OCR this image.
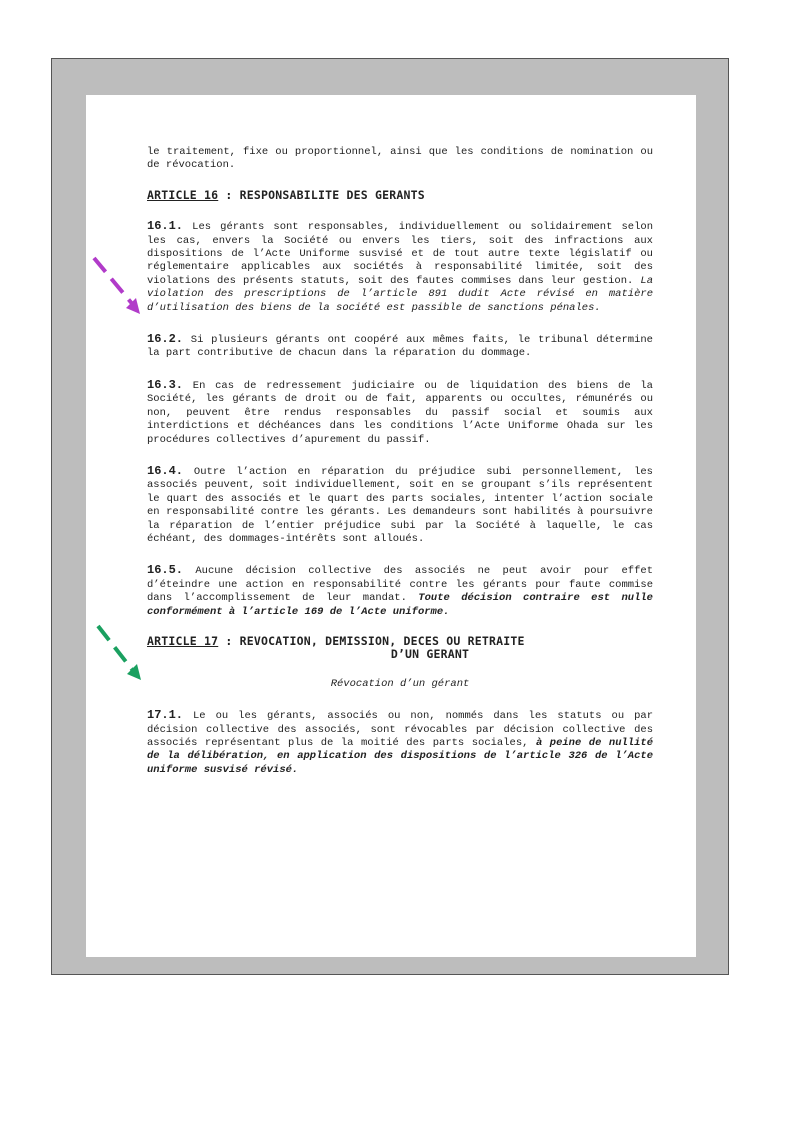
le traitement, fixe ou proportionnel, ainsi que les conditions de nomination ou de révocation.

ARTICLE 16 : RESPONSABILITE DES GERANTS

16.1. Les gérants sont responsables, individuellement ou solidairement selon les cas, envers la Société ou envers les tiers, soit des infractions aux dispositions de l’Acte Uniforme susvisé et de tout autre texte législatif ou réglementaire applicables aux sociétés à responsabilité limitée, soit des violations des présents statuts, soit des fautes commises dans leur gestion. La violation des prescriptions de l’article 891 dudit Acte révisé en matière d’utilisation des biens de la société est passible de sanctions pénales.

16.2. Si plusieurs gérants ont coopéré aux mêmes faits, le tribunal détermine la part contributive de chacun dans la réparation du dommage.

16.3. En cas de redressement judiciaire ou de liquidation des biens de la Société, les gérants de droit ou de fait, apparents ou occultes, rémunérés ou non, peuvent être rendus responsables du passif social et soumis aux interdictions et déchéances dans les conditions l’Acte Uniforme Ohada sur les procédures collectives d’apurement du passif.

16.4. Outre l’action en réparation du préjudice subi personnellement, les associés peuvent, soit individuellement, soit en se groupant s’ils représentent le quart des associés et le quart des parts sociales, intenter l’action sociale en responsabilité contre les gérants. Les demandeurs sont habilités à poursuivre la réparation de l’entier préjudice subi par la Société à laquelle, le cas échéant, des dommages-intérêts sont alloués.

16.5. Aucune décision collective des associés ne peut avoir pour effet d’éteindre une action en responsabilité contre les gérants pour faute commise dans l’accomplissement de leur mandat. Toute décision contraire est nulle conformément à l’article 169 de l’Acte uniforme.

ARTICLE 17 : REVOCATION, DEMISSION, DECES OU RETRAITE
D’UN GERANT

Révocation d’un gérant

17.1. Le ou les gérants, associés ou non, nommés dans les statuts ou par décision collective des associés, sont révocables par décision collective des associés représentant plus de la moitié des parts sociales, à peine de nullité de la délibération, en application des dispositions de l’article 326 de l’Acte uniforme susvisé révisé.
